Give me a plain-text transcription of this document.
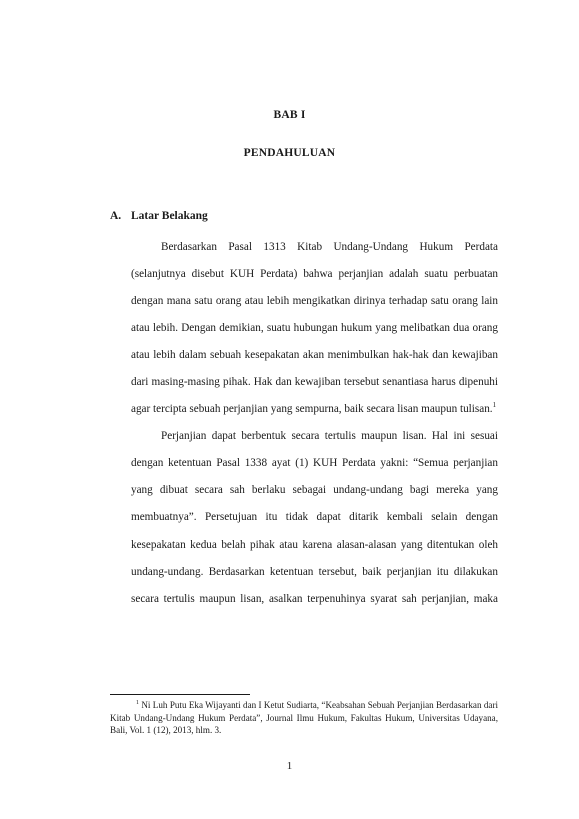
BAB I
PENDAHULUAN
A. Latar Belakang

Berdasarkan Pasal 1313 Kitab Undang-Undang Hukum Perdata (selanjutnya disebut KUH Perdata) bahwa perjanjian adalah suatu perbuatan dengan mana satu orang atau lebih mengikatkan dirinya terhadap satu orang lain atau lebih. Dengan demikian, suatu hubungan hukum yang melibatkan dua orang atau lebih dalam sebuah kesepakatan akan menimbulkan hak-hak dan kewajiban dari masing-masing pihak. Hak dan kewajiban tersebut senantiasa harus dipenuhi agar tercipta sebuah perjanjian yang sempurna, baik secara lisan maupun tulisan.$^1$

Perjanjian dapat berbentuk secara tertulis maupun lisan. Hal ini sesuai dengan ketentuan Pasal 1338 ayat (1) KUH Perdata yakni: “Semua perjanjian yang dibuat secara sah berlaku sebagai undang-undang bagi mereka yang membuatnya”. Persetujuan itu tidak dapat ditarik kembali selain dengan kesepakatan kedua belah pihak atau karena alasan-alasan yang ditentukan oleh undang-undang. Berdasarkan ketentuan tersebut, baik perjanjian itu dilakukan secara tertulis maupun lisan, asalkan terpenuhinya syarat sah perjanjian, maka

$^1$ Ni Luh Putu Eka Wijayanti dan I Ketut Sudiarta, “Keabsahan Sebuah Perjanjian Berdasarkan dari Kitab Undang-Undang Hukum Perdata”, Journal Ilmu Hukum, Fakultas Hukum, Universitas Udayana, Bali, Vol. 1 (12), 2013, hlm. 3.
1
